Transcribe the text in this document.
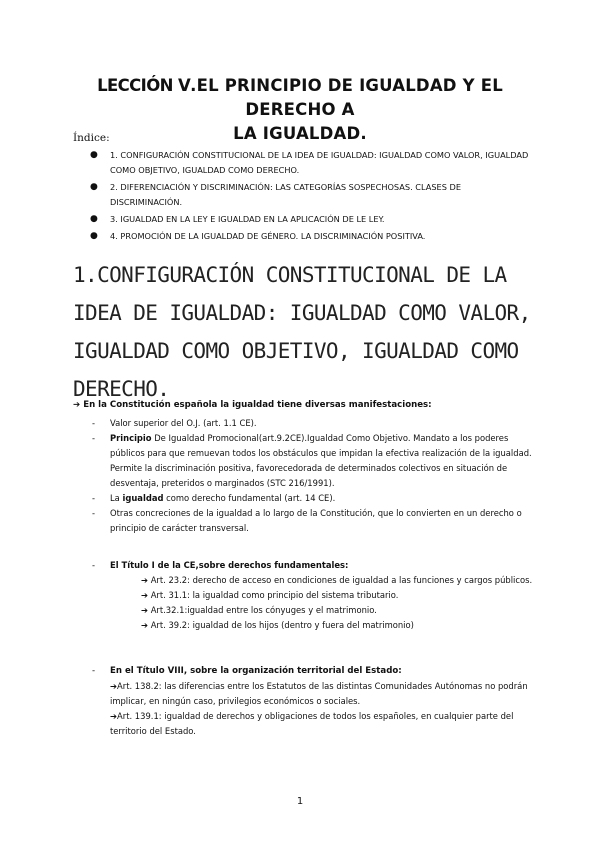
LECCIÓN V.EL PRINCIPIO DE IGUALDAD Y EL DERECHO A
LA IGUALDAD.
Índice:
● 1. CONFIGURACIÓN CONSTITUCIONAL DE LA IDEA DE IGUALDAD: IGUALDAD COMO VALOR, IGUALDAD COMO OBJETIVO, IGUALDAD COMO DERECHO.
● 2. DIFERENCIACIÓN Y DISCRIMINACIÓN: LAS CATEGORÍAS SOSPECHOSAS. CLASES DE DISCRIMINACIÓN.
● 3. IGUALDAD EN LA LEY E IGUALDAD EN LA APLICACIÓN DE LE LEY.
● 4. PROMOCIÓN DE LA IGUALDAD DE GÉNERO. LA DISCRIMINACIÓN POSITIVA.
1.CONFIGURACIÓN CONSTITUCIONAL DE LA IDEA DE IGUALDAD: IGUALDAD COMO VALOR, IGUALDAD COMO OBJETIVO, IGUALDAD COMO DERECHO.
➔ En la Constitución española la igualdad tiene diversas manifestaciones:
- Valor superior del O.J. (art. 1.1 CE).
- Principio De Igualdad Promocional(art.9.2CE).Igualdad Como Objetivo. Mandato a los poderes públicos para que remuevan todos los obstáculos que impidan la efectiva realización de la igualdad. Permite la discriminación positiva, favorecedorada de determinados colectivos en situación de desventaja, preteridos o marginados (STC 216/1991).
- La igualdad como derecho fundamental (art. 14 CE).
- Otras concreciones de la igualdad a lo largo de la Constitución, que lo convierten en un derecho o principio de carácter transversal.
- El Título I de la CE,sobre derechos fundamentales:
➔ Art. 23.2: derecho de acceso en condiciones de igualdad a las funciones y cargos públicos.
➔ Art. 31.1: la igualdad como principio del sistema tributario.
➔ Art.32.1:igualdad entre los cónyuges y el matrimonio.
➔ Art. 39.2: igualdad de los hijos (dentro y fuera del matrimonio)
- En el Título VIII, sobre la organización territorial del Estado:
➔Art. 138.2: las diferencias entre los Estatutos de las distintas Comunidades Autónomas no podrán implicar, en ningún caso, privilegios económicos o sociales.
➔Art. 139.1: igualdad de derechos y obligaciones de todos los españoles, en cualquier parte del territorio del Estado.
1
